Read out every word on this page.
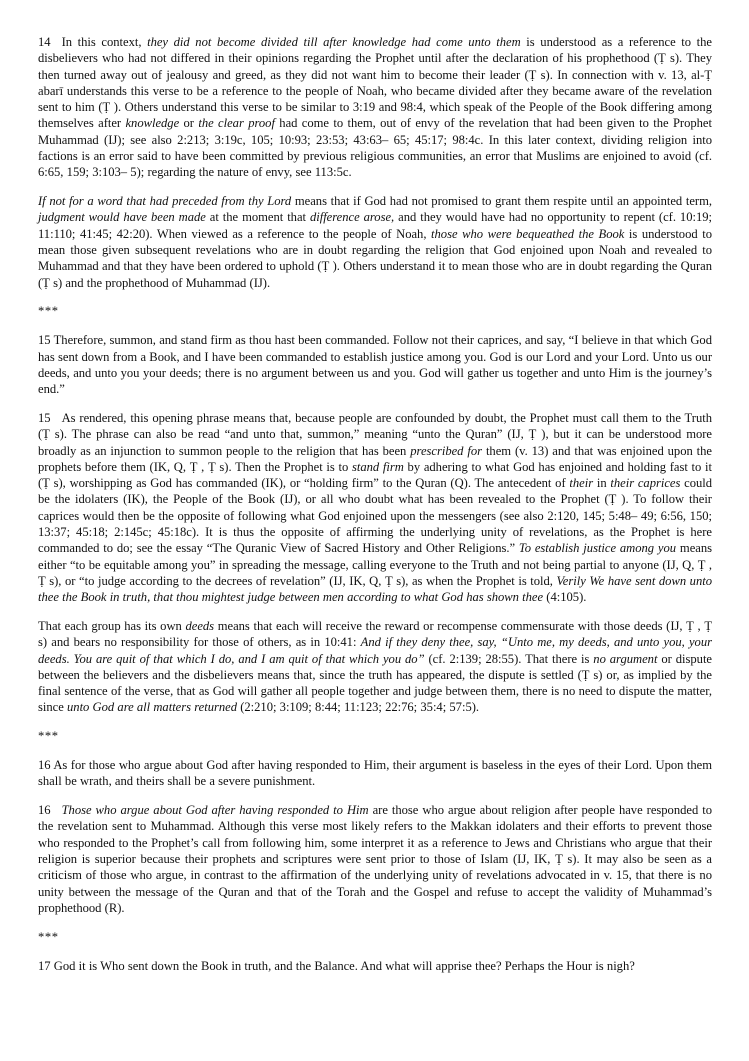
14 In this context, they did not become divided till after knowledge had come unto them is understood as a reference to the disbelievers who had not differed in their opinions regarding the Prophet until after the declaration of his prophethood (Ṭ s). They then turned away out of jealousy and greed, as they did not want him to become their leader (Ṭ s). In connection with v. 13, al-Ṭ abarī understands this verse to be a reference to the people of Noah, who became divided after they became aware of the revelation sent to him (Ṭ ). Others understand this verse to be similar to 3:19 and 98:4, which speak of the People of the Book differing among themselves after knowledge or the clear proof had come to them, out of envy of the revelation that had been given to the Prophet Muhammad (IJ); see also 2:213; 3:19c, 105; 10:93; 23:53; 43:63– 65; 45:17; 98:4c. In this later context, dividing religion into factions is an error said to have been committed by previous religious communities, an error that Muslims are enjoined to avoid (cf. 6:65, 159; 3:103– 5); regarding the nature of envy, see 113:5c.

If not for a word that had preceded from thy Lord means that if God had not promised to grant them respite until an appointed term, judgment would have been made at the moment that difference arose, and they would have had no opportunity to repent (cf. 10:19; 11:110; 41:45; 42:20). When viewed as a reference to the people of Noah, those who were bequeathed the Book is understood to mean those given subsequent revelations who are in doubt regarding the religion that God enjoined upon Noah and revealed to Muhammad and that they have been ordered to uphold (Ṭ ). Others understand it to mean those who are in doubt regarding the Quran (Ṭ s) and the prophethood of Muhammad (IJ).

***

15 Therefore, summon, and stand firm as thou hast been commanded. Follow not their caprices, and say, “I believe in that which God has sent down from a Book, and I have been commanded to establish justice among you. God is our Lord and your Lord. Unto us our deeds, and unto you your deeds; there is no argument between us and you. God will gather us together and unto Him is the journey’s end.”

15 As rendered, this opening phrase means that, because people are confounded by doubt, the Prophet must call them to the Truth (Ṭ s). The phrase can also be read “and unto that, summon,” meaning “unto the Quran” (IJ, Ṭ ), but it can be understood more broadly as an injunction to summon people to the religion that has been prescribed for them (v. 13) and that was enjoined upon the prophets before them (IK, Q, Ṭ , Ṭ s). Then the Prophet is to stand firm by adhering to what God has enjoined and holding fast to it (Ṭ s), worshipping as God has commanded (IK), or “holding firm” to the Quran (Q). The antecedent of their in their caprices could be the idolaters (IK), the People of the Book (IJ), or all who doubt what has been revealed to the Prophet (Ṭ ). To follow their caprices would then be the opposite of following what God enjoined upon the messengers (see also 2:120, 145; 5:48– 49; 6:56, 150; 13:37; 45:18; 2:145c; 45:18c). It is thus the opposite of affirming the underlying unity of revelations, as the Prophet is here commanded to do; see the essay “The Quranic View of Sacred History and Other Religions.” To establish justice among you means either “to be equitable among you” in spreading the message, calling everyone to the Truth and not being partial to anyone (IJ, Q, Ṭ , Ṭ s), or “to judge according to the decrees of revelation” (IJ, IK, Q, Ṭ s), as when the Prophet is told, Verily We have sent down unto thee the Book in truth, that thou mightest judge between men according to what God has shown thee (4:105).

That each group has its own deeds means that each will receive the reward or recompense commensurate with those deeds (IJ, Ṭ , Ṭ s) and bears no responsibility for those of others, as in 10:41: And if they deny thee, say, “Unto me, my deeds, and unto you, your deeds. You are quit of that which I do, and I am quit of that which you do” (cf. 2:139; 28:55). That there is no argument or dispute between the believers and the disbelievers means that, since the truth has appeared, the dispute is settled (Ṭ s) or, as implied by the final sentence of the verse, that as God will gather all people together and judge between them, there is no need to dispute the matter, since unto God are all matters returned (2:210; 3:109; 8:44; 11:123; 22:76; 35:4; 57:5).

***

16 As for those who argue about God after having responded to Him, their argument is baseless in the eyes of their Lord. Upon them shall be wrath, and theirs shall be a severe punishment.

16 Those who argue about God after having responded to Him are those who argue about religion after people have responded to the revelation sent to Muhammad. Although this verse most likely refers to the Makkan idolaters and their efforts to prevent those who responded to the Prophet’s call from following him, some interpret it as a reference to Jews and Christians who argue that their religion is superior because their prophets and scriptures were sent prior to those of Islam (IJ, IK, Ṭ s). It may also be seen as a criticism of those who argue, in contrast to the affirmation of the underlying unity of revelations advocated in v. 15, that there is no unity between the message of the Quran and that of the Torah and the Gospel and refuse to accept the validity of Muhammad’s prophethood (R).

***

17 God it is Who sent down the Book in truth, and the Balance. And what will apprise thee? Perhaps the Hour is nigh?
